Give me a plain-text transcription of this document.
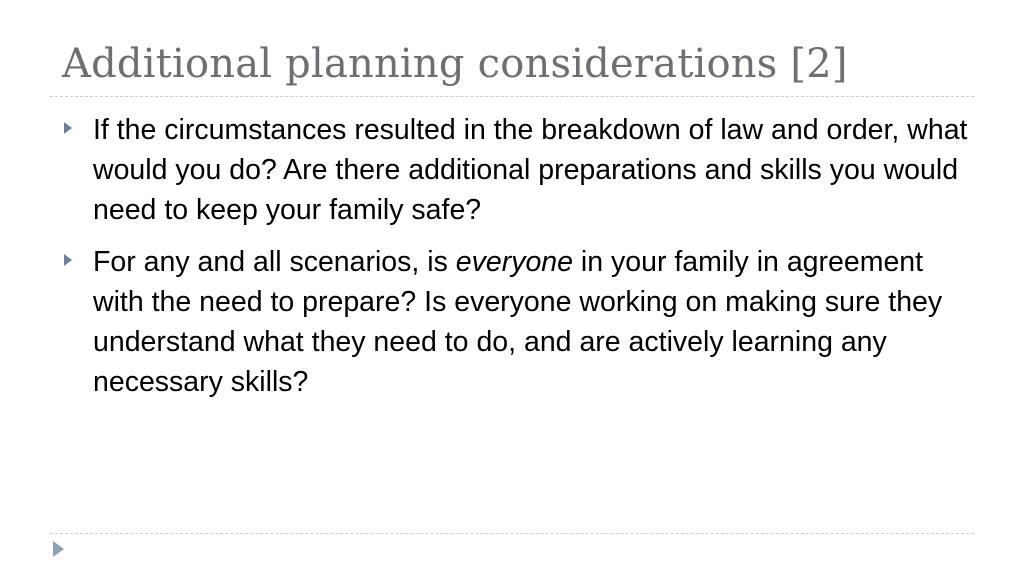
Additional planning considerations [2]
If the circumstances resulted in the breakdown of law and order, what would you do? Are there additional preparations and skills you would need to keep your family safe?
For any and all scenarios, is everyone in your family in agreement with the need to prepare? Is everyone working on making sure they understand what they need to do, and are actively learning any necessary skills?
